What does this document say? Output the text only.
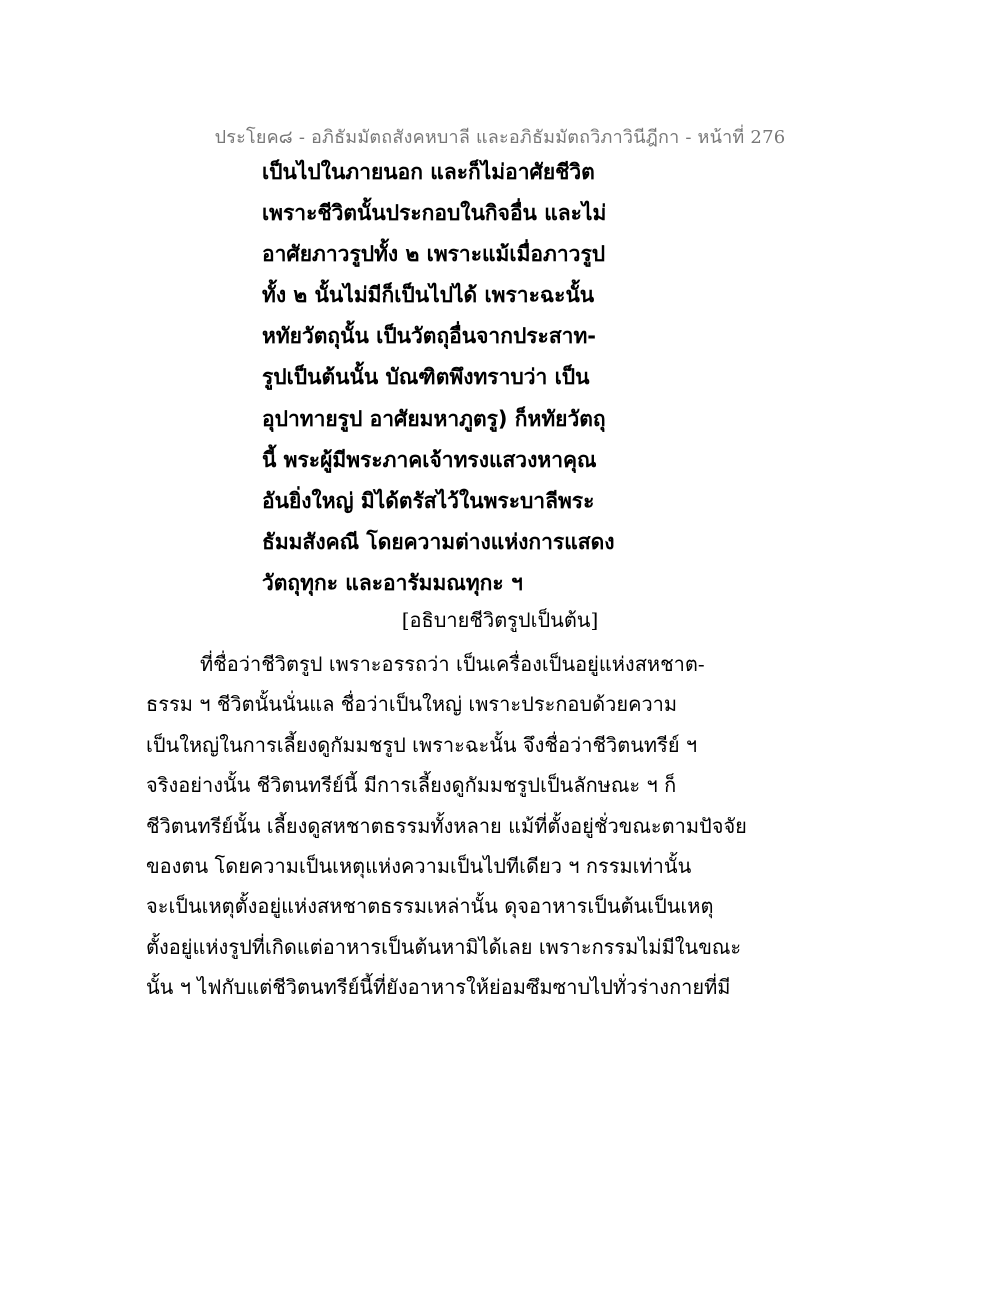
ประโยค๘ - อภิธัมมัตถสังคหบาลี และอภิธัมมัตถวิภาวินีฎีกา - หน้าที่ 276
เป็นไปในภายนอก และก็ไม่อาศัยชีวิต
เพราะชีวิตนั้นประกอบในกิจอื่น และไม่
อาศัยภาวรูปทั้ง ๒ เพราะแม้เมื่อภาวรูป
ทั้ง ๒ นั้นไม่มีก็เป็นไปได้ เพราะฉะนั้น
หทัยวัตถุนั้น เป็นวัตถุอื่นจากประสาท-
รูปเป็นต้นนั้น บัณฑิตพึงทราบว่า เป็น
อุปาทายรูป อาศัยมหาภูตรู) ก็หทัยวัตถุ
นี้ พระผู้มีพระภาคเจ้าทรงแสวงหาคุณ
อันยิ่งใหญ่ มิได้ตรัสไว้ในพระบาลีพระ
ธัมมสังคณี โดยความต่างแห่งการแสดง
วัตถุทุกะ และอารัมมณทุกะ ฯ
[อธิบายชีวิตรูปเป็นต้น]
ที่ชื่อว่าชีวิตรูป เพราะอรรถว่า เป็นเครื่องเป็นอยู่แห่งสหชาต-
ธรรม ฯ ชีวิตนั้นนั่นแล ชื่อว่าเป็นใหญ่ เพราะประกอบด้วยความ
เป็นใหญ่ในการเลี้ยงดูกัมมชรูป เพราะฉะนั้น จึงชื่อว่าชีวิตนทรีย์ ฯ
จริงอย่างนั้น ชีวิตนทรีย์นี้ มีการเลี้ยงดูกัมมชรูปเป็นลักษณะ ฯ ก็
ชีวิตนทรีย์นั้น เลี้ยงดูสหชาตธรรมทั้งหลาย แม้ที่ตั้งอยู่ชั่วขณะตามปัจจัย
ของตน โดยความเป็นเหตุแห่งความเป็นไปทีเดียว ฯ กรรมเท่านั้น
จะเป็นเหตุตั้งอยู่แห่งสหชาตธรรมเหล่านั้น ดุจอาหารเป็นต้นเป็นเหตุ
ตั้งอยู่แห่งรูปที่เกิดแต่อาหารเป็นต้นหามิได้เลย เพราะกรรมไม่มีในขณะ
นั้น ฯ ไฟกับแต่ชีวิตนทรีย์นี้ที่ยังอาหารให้ย่อมซึมซาบไปทั่วร่างกายที่มี
